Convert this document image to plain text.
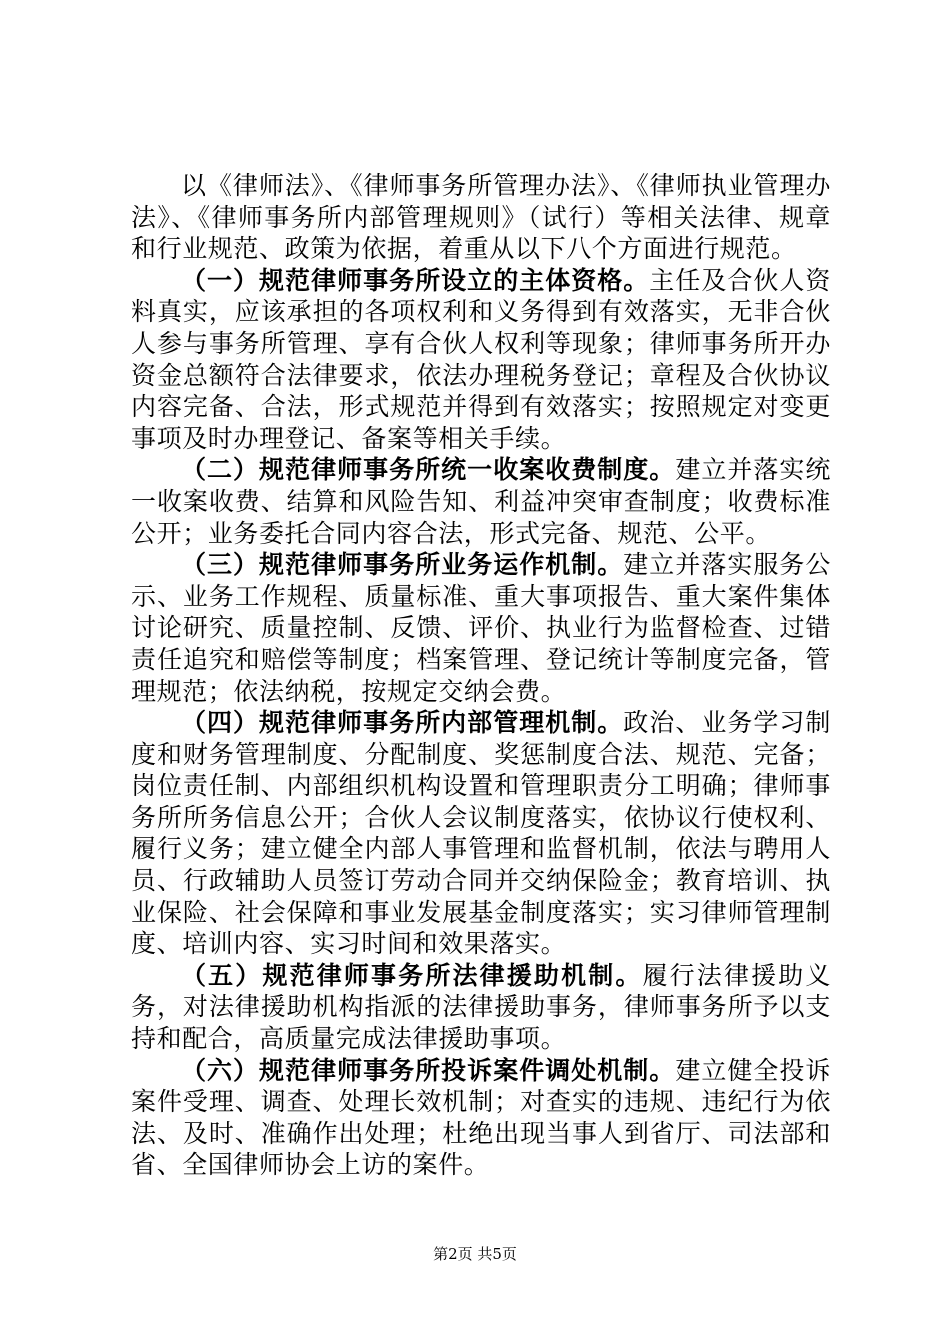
以《律师法》、《律师事务所管理办法》、《律师执业管理办法》、《律师事务所内部管理规则》（试行）等相关法律、规章和行业规范、政策为依据，着重从以下八个方面进行规范。

（一）规范律师事务所设立的主体资格。主任及合伙人资料真实，应该承担的各项权利和义务得到有效落实，无非合伙人参与事务所管理、享有合伙人权利等现象；律师事务所开办资金总额符合法律要求，依法办理税务登记；章程及合伙协议内容完备、合法，形式规范并得到有效落实；按照规定对变更事项及时办理登记、备案等相关手续。

（二）规范律师事务所统一收案收费制度。建立并落实统一收案收费、结算和风险告知、利益冲突审查制度；收费标准公开；业务委托合同内容合法，形式完备、规范、公平。

（三）规范律师事务所业务运作机制。建立并落实服务公示、业务工作规程、质量标准、重大事项报告、重大案件集体讨论研究、质量控制、反馈、评价、执业行为监督检查、过错责任追究和赔偿等制度；档案管理、登记统计等制度完备，管理规范；依法纳税，按规定交纳会费。

（四）规范律师事务所内部管理机制。政治、业务学习制度和财务管理制度、分配制度、奖惩制度合法、规范、完备；岗位责任制、内部组织机构设置和管理职责分工明确；律师事务所所务信息公开；合伙人会议制度落实，依协议行使权利、履行义务；建立健全内部人事管理和监督机制，依法与聘用人员、行政辅助人员签订劳动合同并交纳保险金；教育培训、执业保险、社会保障和事业发展基金制度落实；实习律师管理制度、培训内容、实习时间和效果落实。

（五）规范律师事务所法律援助机制。履行法律援助义务，对法律援助机构指派的法律援助事务，律师事务所予以支持和配合，高质量完成法律援助事项。

（六）规范律师事务所投诉案件调处机制。建立健全投诉案件受理、调查、处理长效机制；对查实的违规、违纪行为依法、及时、准确作出处理；杜绝出现当事人到省厅、司法部和省、全国律师协会上访的案件。

第2页 共5页
